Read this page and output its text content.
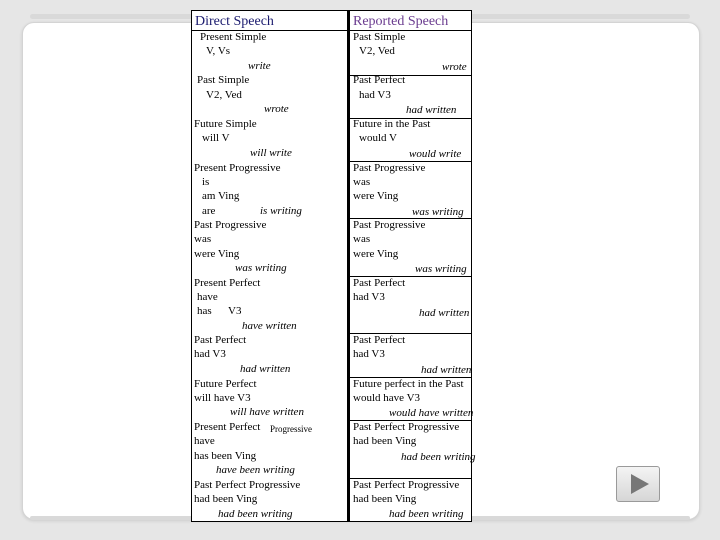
Direct Speech	Reported Speech
Present Simple
V, Vs
write
Past Simple
V2, Ved
wrote
Future Simple
will V
will write
Present Progressive
is
am Ving
are	is writing
Past Progressive
was
were Ving
was writing
Present Perfect
have
has V3
have written
Past Perfect
had V3
had written
Future Perfect
will have V3
will have written
Present Perfect Progressive
have
has been Ving
have been writing
Past Perfect Progressive
had been Ving
had been writing
Past Simple
V2, Ved
wrote
Past Perfect
had V3
had written
Future in the Past
would V
would write
Past Progressive
was
were Ving
was writing
Past Progressive
was
were Ving
was writing
Past Perfect
had V3
had written
Past Perfect
had V3
had written
Future perfect in the Past
would have V3
would have written
Past Perfect Progressive
had been Ving
had been writing
Past Perfect Progressive
had been Ving
had been writing
